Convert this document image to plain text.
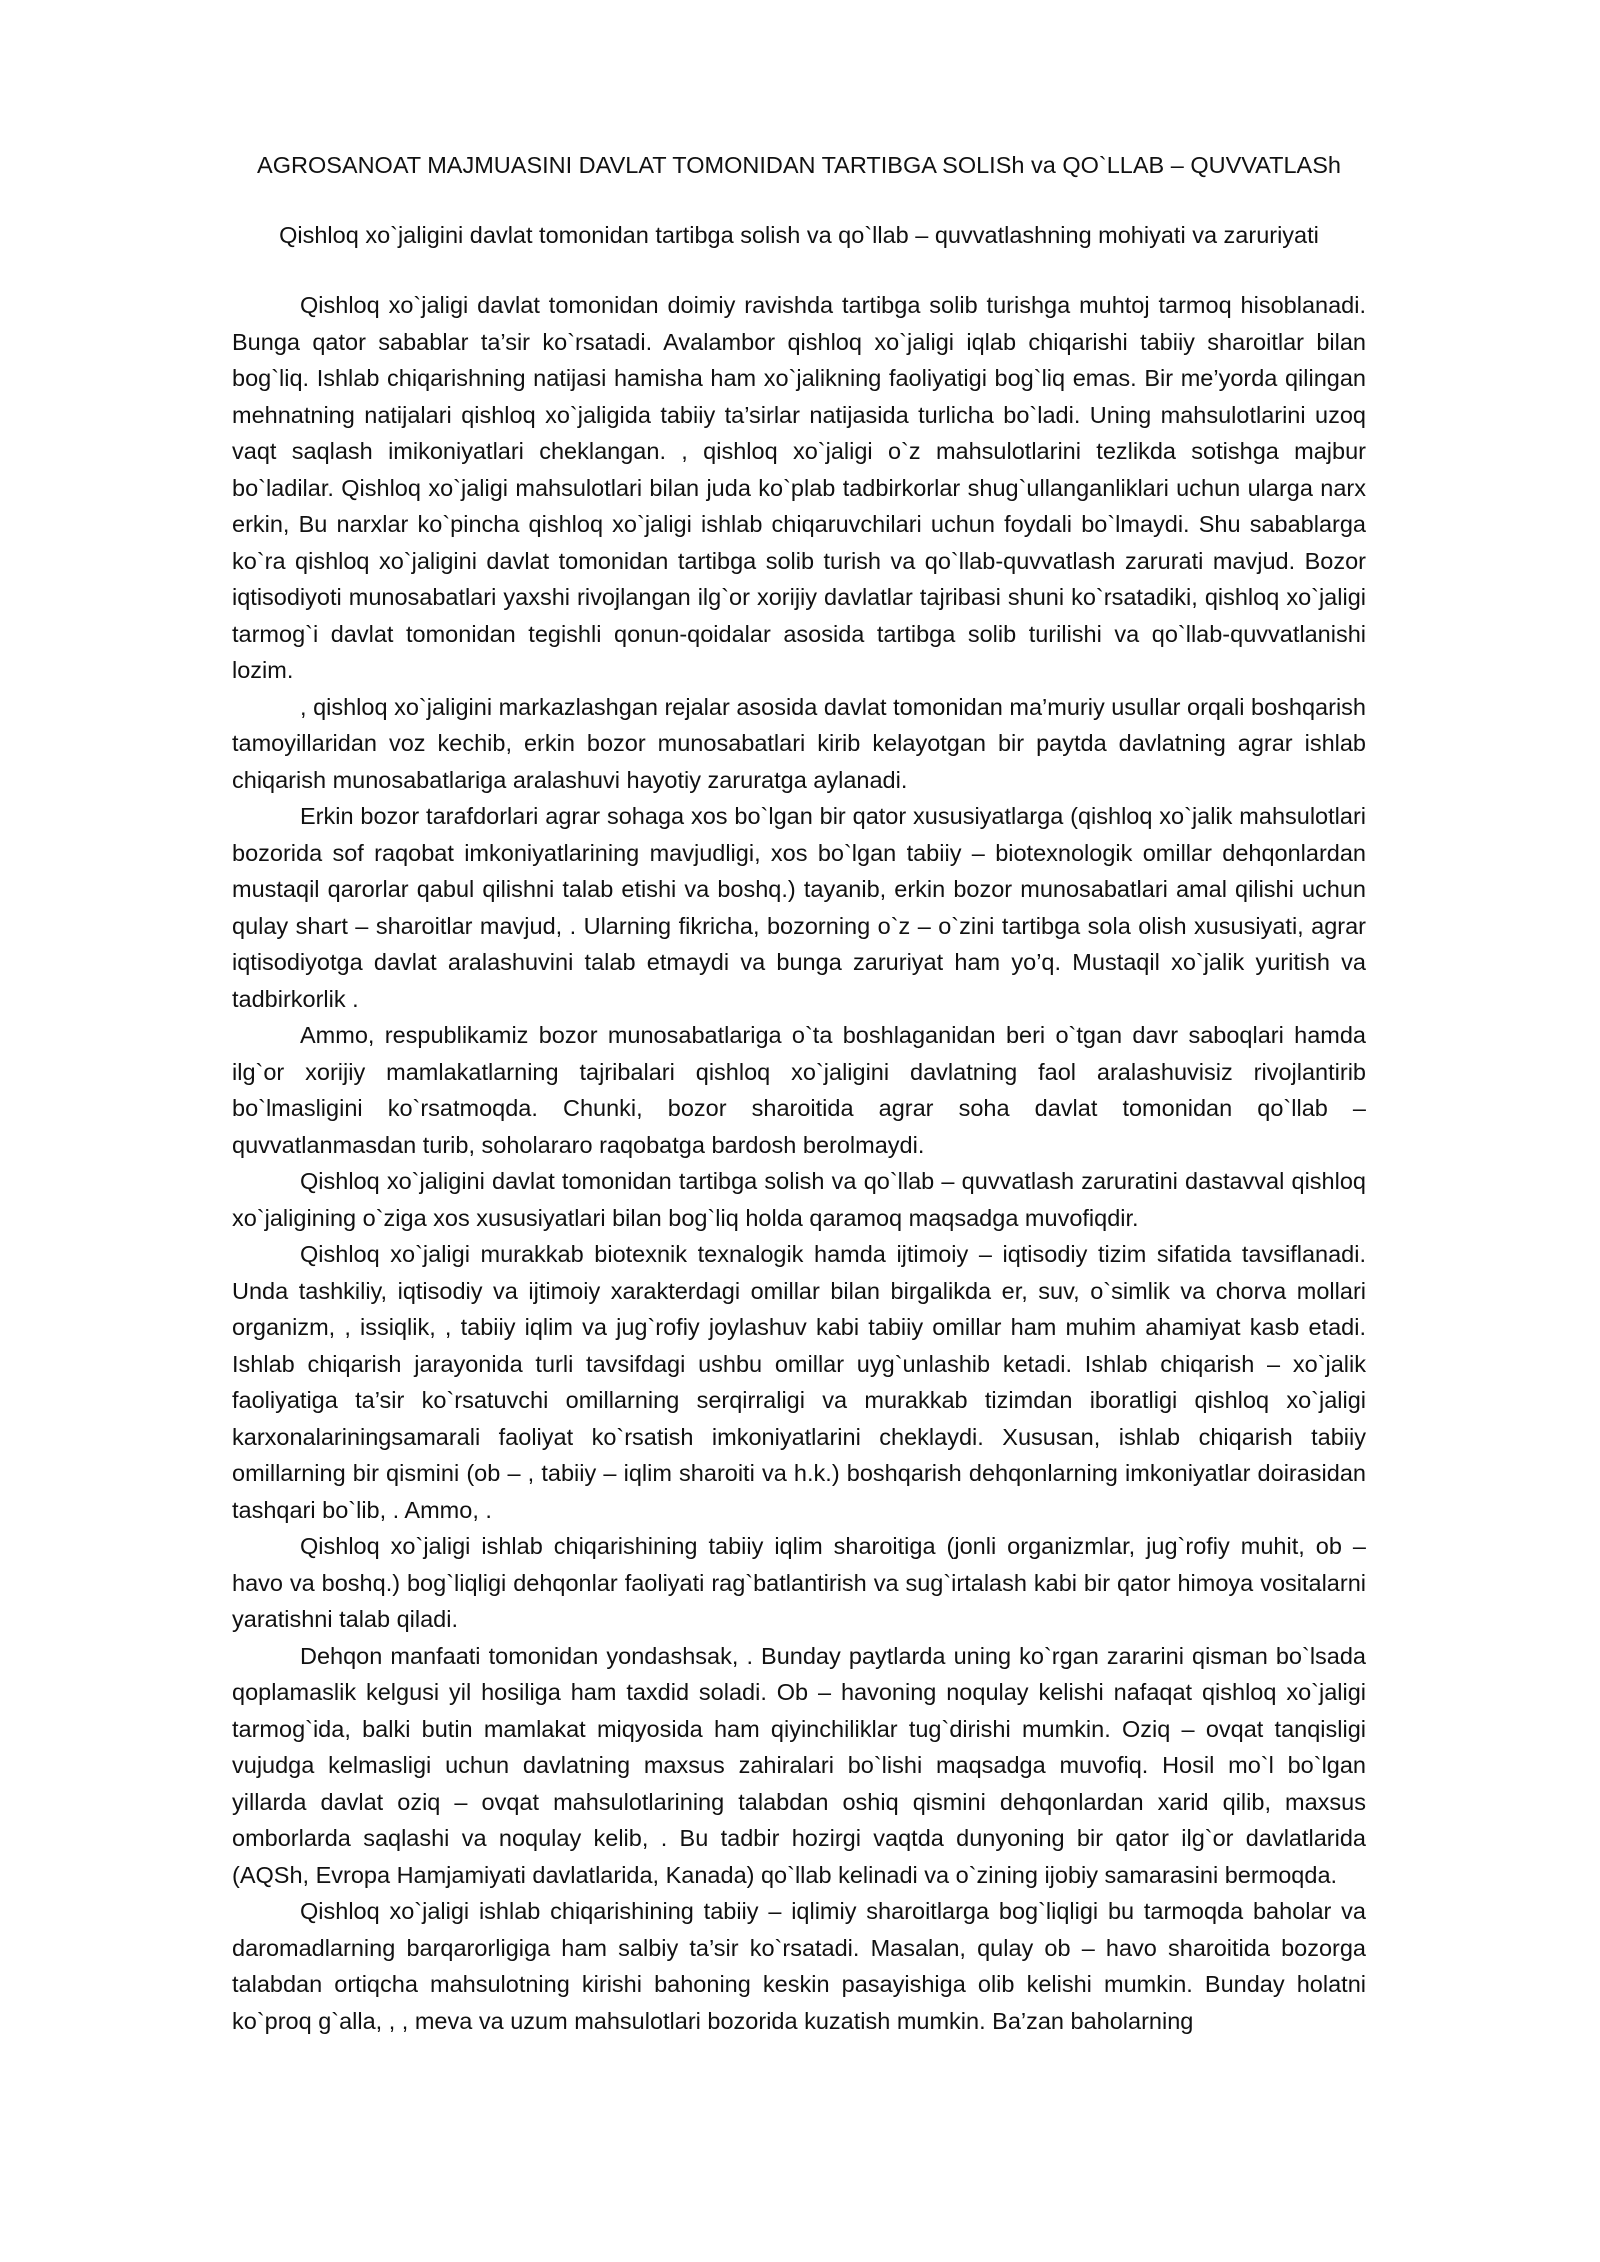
AGROSANOAT MAJMUASINI DAVLAT TOMONIDAN TARTIBGA SOLISh va QO`LLAB – QUVVATLASh
Qishloq xo`jaligini davlat tomonidan tartibga solish va qo`llab – quvvatlashning mohiyati va zaruriyati

Qishloq xo`jaligi davlat tomonidan doimiy ravishda tartibga solib turishga muhtoj tarmoq hisoblanadi. Bunga qator sabablar ta’sir ko`rsatadi. Avalambor qishloq xo`jaligi iqlab chiqarishi tabiiy sharoitlar bilan bog`liq. Ishlab chiqarishning natijasi hamisha ham xo`jalikning faoliyatigi bog`liq emas. Bir me’yorda qilingan mehnatning natijalari qishloq xo`jaligida tabiiy ta’sirlar natijasida turlicha bo`ladi. Uning mahsulotlarini uzoq vaqt saqlash imikoniyatlari cheklangan. , qishloq xo`jaligi o`z mahsulotlarini tezlikda sotishga majbur bo`ladilar. Qishloq xo`jaligi mahsulotlari bilan juda ko`plab tadbirkorlar shug`ullanganliklari uchun ularga narx erkin, Bu narxlar ko`pincha qishloq xo`jaligi ishlab chiqaruvchilari uchun foydali bo`lmaydi. Shu sabablarga ko`ra qishloq xo`jaligini davlat tomonidan tartibga solib turish va qo`llab-quvvatlash zarurati mavjud. Bozor iqtisodiyoti munosabatlari yaxshi rivojlangan ilg`or xorijiy davlatlar tajribasi shuni ko`rsatadiki, qishloq xo`jaligi tarmog`i davlat tomonidan tegishli qonun-qoidalar asosida tartibga solib turilishi va qo`llab-quvvatlanishi lozim.

, qishloq xo`jaligini markazlashgan rejalar asosida davlat tomonidan ma’muriy usullar orqali boshqarish tamoyillaridan voz kechib, erkin bozor munosabatlari kirib kelayotgan bir paytda davlatning agrar ishlab chiqarish munosabatlariga aralashuvi hayotiy zaruratga aylanadi.

Erkin bozor tarafdorlari agrar sohaga xos bo`lgan bir qator xususiyatlarga (qishloq xo`jalik mahsulotlari bozorida sof raqobat imkoniyatlarining mavjudligi, xos bo`lgan tabiiy – biotexnologik omillar dehqonlardan mustaqil qarorlar qabul qilishni talab etishi va boshq.) tayanib, erkin bozor munosabatlari amal qilishi uchun qulay shart – sharoitlar mavjud, . Ularning fikricha, bozorning o`z – o`zini tartibga sola olish xususiyati, agrar iqtisodiyotga davlat aralashuvini talab etmaydi va bunga zaruriyat ham yo’q. Mustaqil xo`jalik yuritish va tadbirkorlik .

Ammo, respublikamiz bozor munosabatlariga o`ta boshlaganidan beri o`tgan davr saboqlari hamda ilg`or xorijiy mamlakatlarning tajribalari qishloq xo`jaligini davlatning faol aralashuvisiz rivojlantirib bo`lmasligini ko`rsatmoqda. Chunki, bozor sharoitida agrar soha davlat tomonidan qo`llab – quvvatlanmasdan turib, soholararo raqobatga bardosh berolmaydi.

Qishloq xo`jaligini davlat tomonidan tartibga solish va qo`llab – quvvatlash zaruratini dastavval qishloq xo`jaligining o`ziga xos xususiyatlari bilan bog`liq holda qaramoq maqsadga muvofiqdir.

Qishloq xo`jaligi murakkab biotexnik texnalogik hamda ijtimoiy – iqtisodiy tizim sifatida tavsiflanadi. Unda tashkiliy, iqtisodiy va ijtimoiy xarakterdagi omillar bilan birgalikda er, suv, o`simlik va chorva mollari organizm, , issiqlik, , tabiiy iqlim va jug`rofiy joylashuv kabi tabiiy omillar ham muhim ahamiyat kasb etadi. Ishlab chiqarish jarayonida turli tavsifdagi ushbu omillar uyg`unlashib ketadi. Ishlab chiqarish – xo`jalik faoliyatiga ta’sir ko`rsatuvchi omillarning serqirraligi va murakkab tizimdan iboratligi qishloq xo`jaligi karxonalariningsamarali faoliyat ko`rsatish imkoniyatlarini cheklaydi. Xususan, ishlab chiqarish tabiiy omillarning bir qismini (ob – , tabiiy – iqlim sharoiti va h.k.) boshqarish dehqonlarning imkoniyatlar doirasidan tashqari bo`lib, . Ammo, .

Qishloq xo`jaligi ishlab chiqarishining tabiiy iqlim sharoitiga (jonli organizmlar, jug`rofiy muhit, ob – havo va boshq.) bog`liqligi dehqonlar faoliyati rag`batlantirish va sug`irtalash kabi bir qator himoya vositalarni yaratishni talab qiladi.

Dehqon manfaati tomonidan yondashsak, . Bunday paytlarda uning ko`rgan zararini qisman bo`lsada qoplamaslik kelgusi yil hosiliga ham taxdid soladi. Ob – havoning noqulay kelishi nafaqat qishloq xo`jaligi tarmog`ida, balki butin mamlakat miqyosida ham qiyinchiliklar tug`dirishi mumkin. Oziq – ovqat tanqisligi vujudga kelmasligi uchun davlatning maxsus zahiralari bo`lishi maqsadga muvofiq. Hosil mo`l bo`lgan yillarda davlat oziq – ovqat mahsulotlarining talabdan oshiq qismini dehqonlardan xarid qilib, maxsus omborlarda saqlashi va noqulay kelib, . Bu tadbir hozirgi vaqtda dunyoning bir qator ilg`or davlatlarida (AQSh, Evropa Hamjamiyati davlatlarida, Kanada) qo`llab kelinadi va o`zining ijobiy samarasini bermoqda.

Qishloq xo`jaligi ishlab chiqarishining tabiiy – iqlimiy sharoitlarga bog`liqligi bu tarmoqda baholar va daromadlarning barqarorligiga ham salbiy ta’sir ko`rsatadi. Masalan, qulay ob – havo sharoitida bozorga talabdan ortiqcha mahsulotning kirishi bahoning keskin pasayishiga olib kelishi mumkin. Bunday holatni ko`proq g`alla, , , meva va uzum mahsulotlari bozorida kuzatish mumkin. Ba’zan baholarning
